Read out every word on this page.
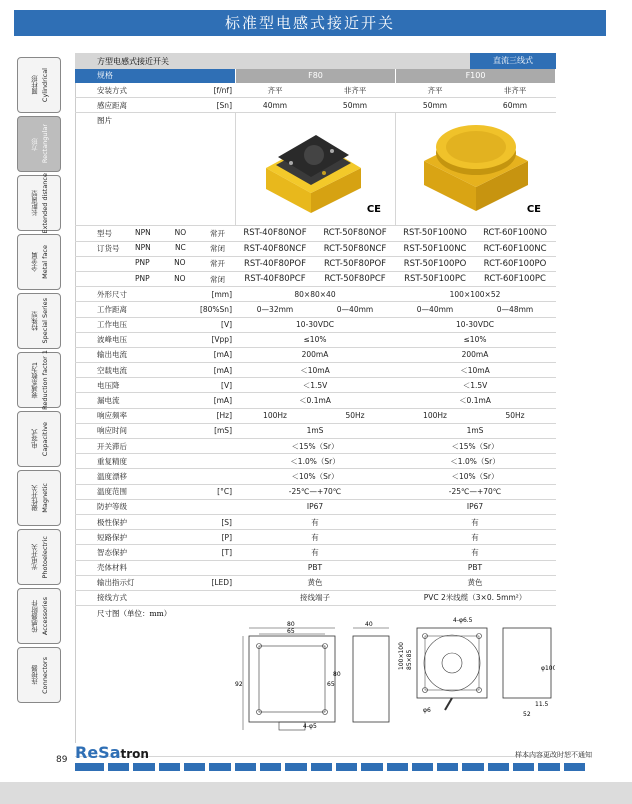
标准型电感式接近开关
圆柱形 Cylindrical
方形 Rectangular
长距离型 Extended distance
全金属 Metal face
特殊型 Special Series
衰减系数为1 Reduction factor 1
电容式 Capacitive
磁性开关 Magnetic
光电开关 Photoelectric
传感器附件 Accessories
连接器 Connectors
方型电感式接近开关	直流三线式
规格	F80	F100
安装方式	[f/nf]	齐平	非齐平	齐平	非齐平
感应距离	[Sn]	40mm	50mm	50mm	60mm
图片
CE	CE
型号	NPN	NO	常开	RST-40F80NOF	RCT-50F80NOF	RST-50F100NO	RCT-60F100NO
订货号	NPN	NC	常闭	RST-40F80NCF	RCT-50F80NCF	RST-50F100NC	RCT-60F100NC
PNP	NO	常开	RST-40F80POF	RCT-50F80POF	RST-50F100PO	RCT-60F100PO
PNP	NO	常闭	RST-40F80PCF	RCT-50F80PCF	RST-50F100PC	RCT-60F100PC
外形尺寸	[mm]	80×80×40	100×100×52
工作距离	[80%Sn]	0—32mm	0—40mm	0—40mm	0—48mm
工作电压	[V]	10-30VDC	10-30VDC
波峰电压	[Vpp]	≤10%	≤10%
输出电流	[mA]	200mA	200mA
空载电流	[mA]	＜10mA	＜10mA
电压降	[V]	＜1.5V	＜1.5V
漏电流	[mA]	＜0.1mA	＜0.1mA
响应频率	[Hz]	100Hz	50Hz	100Hz	50Hz
响应时间	[mS]	1mS	1mS
开关滞后	＜15%（Sr）	＜15%（Sr）
重复精度	＜1.0%（Sr）	＜1.0%（Sr）
温度漂移	＜10%（Sr）	＜10%（Sr）
温度范围	[°C]	-25℃—+70℃	-25℃—+70℃
防护等级	IP67	IP67
极性保护	[S]	有	有
短路保护	[P]	有	有
智态保护	[T]	有	有
壳体材料	PBT	PBT
输出指示灯	[LED]	黄色	黄色
接线方式	接线端子	PVC 2米线缆（3×0. 5mm²）
尺寸图（单位：mm）
80
65
92	65
80
4-φ5
40
4-φ6.5
100×100 85×85
φ6
φ100
11.5
52
ReSatron
89	样本内容更改时恕不通知
